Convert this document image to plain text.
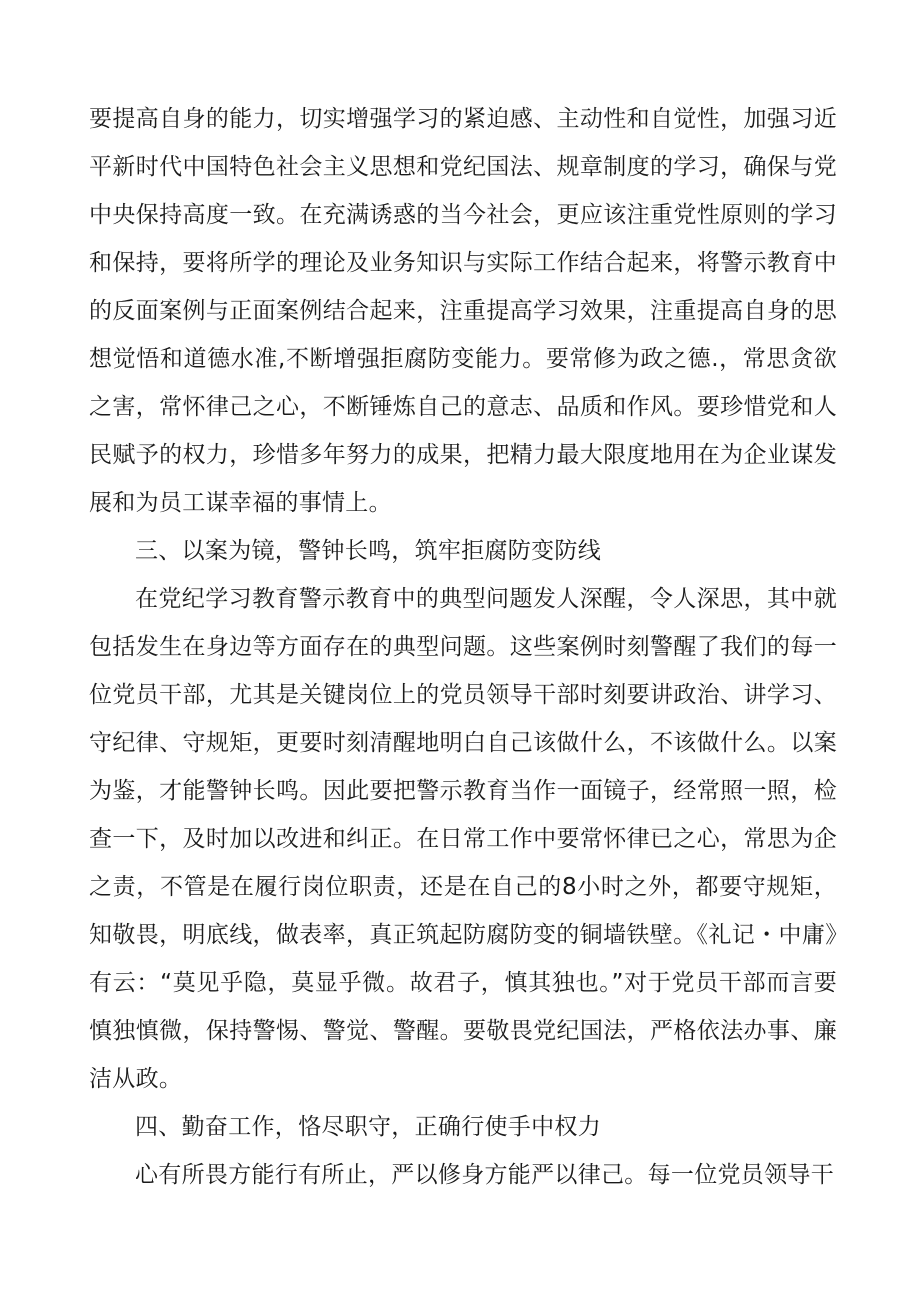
要提高自身的能力，切实增强学习的紧迫感、主动性和自觉性，加强习近平新时代中国特色社会主义思想和党纪国法、规章制度的学习，确保与党中央保持高度一致。在充满诱惑的当今社会，更应该注重党性原则的学习和保持，要将所学的理论及业务知识与实际工作结合起来，将警示教育中的反面案例与正面案例结合起来，注重提高学习效果，注重提高自身的思想觉悟和道德水准,不断增强拒腐防变能力。要常修为政之德.，常思贪欲之害，常怀律己之心，不断锤炼自己的意志、品质和作风。要珍惜党和人民赋予的权力，珍惜多年努力的成果，把精力最大限度地用在为企业谋发展和为员工谋幸福的事情上。

三、以案为镜，警钟长鸣，筑牢拒腐防变防线

在党纪学习教育警示教育中的典型问题发人深醒，令人深思，其中就包括发生在身边等方面存在的典型问题。这些案例时刻警醒了我们的每一位党员干部，尤其是关键岗位上的党员领导干部时刻要讲政治、讲学习、守纪律、守规矩，更要时刻清醒地明白自己该做什么，不该做什么。以案为鉴，才能警钟长鸣。因此要把警示教育当作一面镜子，经常照一照，检查一下，及时加以改进和纠正。在日常工作中要常怀律已之心，常思为企之责，不管是在履行岗位职责，还是在自己的8小时之外，都要守规矩，知敬畏，明底线，做表率，真正筑起防腐防变的铜墙铁壁。《礼记・中庸》有云：“莫见乎隐，莫显乎微。故君子，慎其独也。”对于党员干部而言要慎独慎微，保持警惕、警觉、警醒。要敬畏党纪国法，严格依法办事、廉洁从政。

四、勤奋工作，恪尽职守，正确行使手中权力

心有所畏方能行有所止，严以修身方能严以律己。每一位党员领导干
